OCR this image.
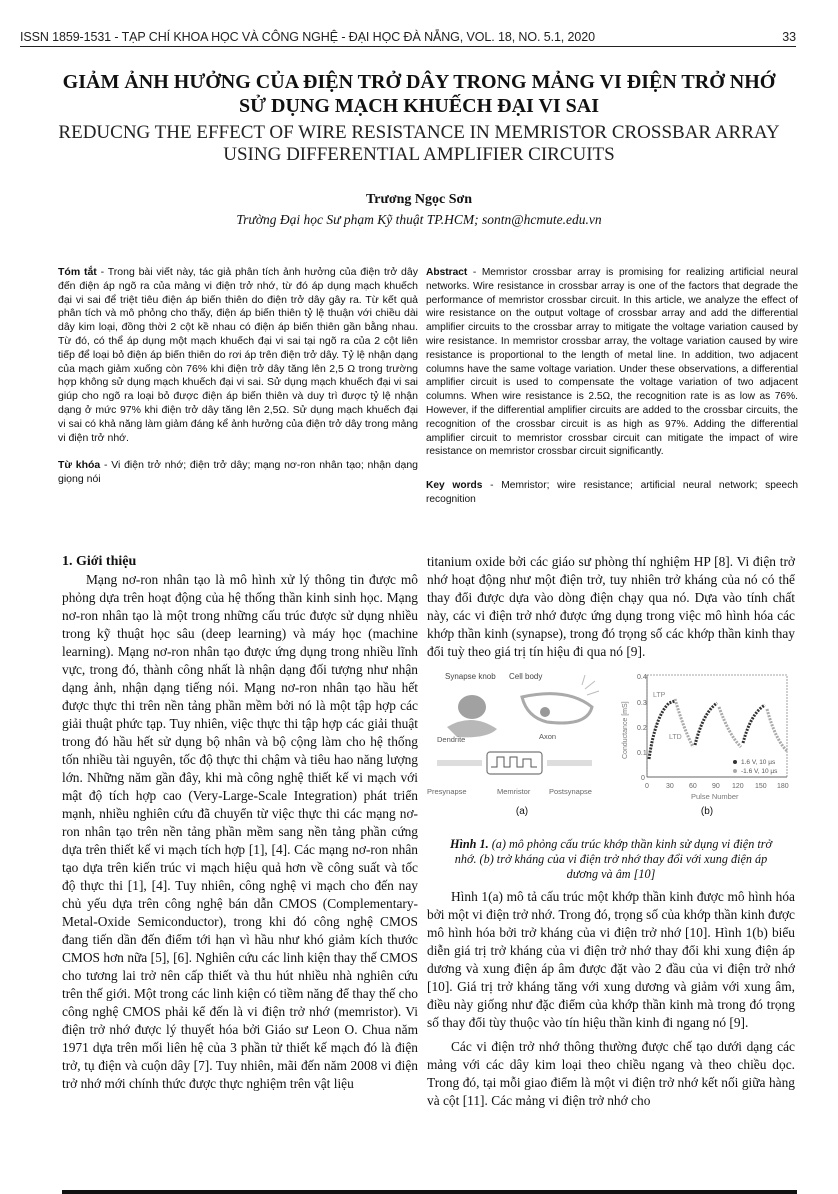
ISSN 1859-1531 - TẠP CHÍ KHOA HỌC VÀ CÔNG NGHỆ - ĐẠI HỌC ĐÀ NẴNG, VOL. 18, NO. 5.1, 2020	33
GIẢM ẢNH HƯỞNG CỦA ĐIỆN TRỞ DÂY TRONG MẢNG VI ĐIỆN TRỞ NHỚ
SỬ DỤNG MẠCH KHUẾCH ĐẠI VI SAI
REDUCNG THE EFFECT OF WIRE RESISTANCE IN MEMRISTOR CROSSBAR ARRAY
USING DIFFERENTIAL AMPLIFIER CIRCUITS
Trương Ngọc Sơn
Trường Đại học Sư phạm Kỹ thuật TP.HCM; sontn@hcmute.edu.vn
Tóm tắt - Trong bài viết này, tác giả phân tích ảnh hưởng của điện trở dây đến điện áp ngõ ra của mảng vi điện trở nhớ, từ đó áp dụng mạch khuếch đại vi sai để triệt tiêu điện áp biến thiên do điện trở dây gây ra. Từ kết quả phân tích và mô phỏng cho thấy, điện áp biến thiên tỷ lệ thuận với chiều dài dây kim loại, đồng thời 2 cột kề nhau có điện áp biến thiên gần bằng nhau. Từ đó, có thể áp dụng một mạch khuếch đại vi sai tại ngõ ra của 2 cột liên tiếp để loại bỏ điện áp biến thiên do rơi áp trên điện trở dây. Tỷ lệ nhận dạng của mạch giảm xuống còn 76% khi điện trở dây tăng lên 2,5 Ω trong trường hợp không sử dụng mạch khuếch đại vi sai. Sử dụng mạch khuếch đại vi sai giúp cho ngõ ra loại bỏ được điện áp biến thiên và duy trì được tỷ lệ nhận dạng ở mức 97% khi điện trở dây tăng lên 2,5Ω. Sử dụng mạch khuếch đại vi sai có khả năng làm giảm đáng kể ảnh hưởng của điện trở dây trong mảng vi điện trở nhớ.
Từ khóa - Vi điện trở nhớ; điện trở dây; mạng nơ-ron nhân tạo; nhận dạng giọng nói
Abstract - Memristor crossbar array is promising for realizing artificial neural networks. Wire resistance in crossbar array is one of the factors that degrade the performance of memristor crossbar circuit. In this article, we analyze the effect of wire resistance on the output voltage of crossbar array and add the differential amplifier circuits to the crossbar array to mitigate the voltage variation caused by wire resistance. In memristor crossbar array, the voltage variation caused by wire resistance is proportional to the length of metal line. In addition, two adjacent columns have the same voltage variation. Under these observations, a differential amplifier circuit is used to compensate the voltage variation of two adjacent columns. When wire resistance is 2.5Ω, the recognition rate is as low as 76%. However, if the differential amplifier circuits are added to the crossbar circuits, the recognition of the crossbar circuit is as high as 97%. Adding the differential amplifier circuit to memristor crossbar circuit can mitigate the impact of wire resistance on memristor crossbar circuit significantly.
Key words - Memristor; wire resistance; artificial neural network; speech recognition
1. Giới thiệu

Mạng nơ-ron nhân tạo là mô hình xử lý thông tin được mô phỏng dựa trên hoạt động của hệ thống thần kinh sinh học. Mạng nơ-ron nhân tạo là một trong những cấu trúc được sử dụng nhiều trong kỹ thuật học sâu (deep learning) và máy học (machine learning). Mạng nơ-ron nhân tạo được ứng dụng trong nhiều lĩnh vực, trong đó, thành công nhất là nhận dạng đối tượng như nhận dạng ảnh, nhận dạng tiếng nói. Mạng nơ-ron nhân tạo hầu hết được thực thi trên nền tảng phần mềm bởi nó là một tập hợp các giải thuật phức tạp. Tuy nhiên, việc thực thi tập hợp các giải thuật trong đó hầu hết sử dụng bộ nhân và bộ cộng làm cho hệ thống tốn nhiều tài nguyên, tốc độ thực thi chậm và tiêu hao năng lượng lớn. Những năm gần đây, khi mà công nghệ thiết kế vi mạch với mật độ tích hợp cao (Very-Large-Scale Integration) phát triển mạnh, nhiều nghiên cứu đã chuyển từ việc thực thi các mạng nơ-ron nhân tạo trên nền tảng phần mềm sang nền tảng phần cứng dựa trên thiết kế vi mạch tích hợp [1], [4]. Các mạng nơ-ron nhân tạo dựa trên kiến trúc vi mạch hiệu quả hơn về công suất và tốc độ thực thi [1], [4]. Tuy nhiên, công nghệ vi mạch cho đến nay chủ yếu dựa trên công nghệ bán dẫn CMOS (Complementary-Metal-Oxide Semiconductor), trong khi đó công nghệ CMOS đang tiến dần đến điểm tới hạn vì hầu như khó giảm kích thước CMOS hơn nữa [5], [6]. Nghiên cứu các linh kiện thay thế CMOS cho tương lai trở nên cấp thiết và thu hút nhiều nhà nghiên cứu trên thế giới. Một trong các linh kiện có tiềm năng để thay thế cho công nghệ CMOS phải kể đến là vi điện trở nhớ (memristor). Vi điện trở nhớ được lý thuyết hóa bởi Giáo sư Leon O. Chua năm 1971 dựa trên mối liên hệ của 3 phần tử thiết kế mạch đó là điện trở, tụ điện và cuộn dây [7]. Tuy nhiên, mãi đến năm 2008 vi điện trở nhớ mới chính thức được thực nghiệm trên vật liệu

titanium oxide bởi các giáo sư phòng thí nghiệm HP [8]. Vi điện trở nhớ hoạt động như một điện trở, tuy nhiên trở kháng của nó có thể thay đổi được dựa vào dòng điện chạy qua nó. Dựa vào tính chất này, các vi điện trở nhớ được ứng dụng trong việc mô hình hóa các khớp thần kinh (synapse), trong đó trọng số các khớp thần kinh thay đổi tuỳ theo giá trị tín hiệu đi qua nó [9].

Synapse knob Cell body
Dendrite	Axon
Presynapse	Memristor Postsynapse
(a)
0.4
0.3
0.2
0.1
0
0 30 60 90 120 150 180
Pulse Number
Conductance [mS]
LTP
LTD
1.6 V, 10 µs
-1.6 V, 10 µs
(b)
Hình 1. (a) mô phỏng cấu trúc khớp thần kinh sử dụng vi điện trở nhớ. (b) trở kháng của vi điện trở nhớ thay đổi với xung điện áp dương và âm [10]

Hình 1(a) mô tả cấu trúc một khớp thần kinh được mô hình hóa bởi một vi điện trở nhớ. Trong đó, trọng số của khớp thần kinh được mô hình hóa bởi trở kháng của vi điện trở nhớ [10]. Hình 1(b) biểu diễn giá trị trở kháng của vi điện trở nhớ thay đổi khi xung điện áp dương và xung điện áp âm được đặt vào 2 đầu của vi điện trở nhớ [10]. Giá trị trở kháng tăng với xung dương và giảm với xung âm, điều này giống như đặc điểm của khớp thần kinh mà trong đó trọng số thay đổi tùy thuộc vào tín hiệu thần kinh đi ngang nó [9].

Các vi điện trở nhớ thông thường được chế tạo dưới dạng các mảng với các dây kim loại theo chiều ngang và theo chiều dọc. Trong đó, tại mỗi giao điểm là một vi điện trở nhớ kết nối giữa hàng và cột [11]. Các mảng vi điện trở nhớ cho
